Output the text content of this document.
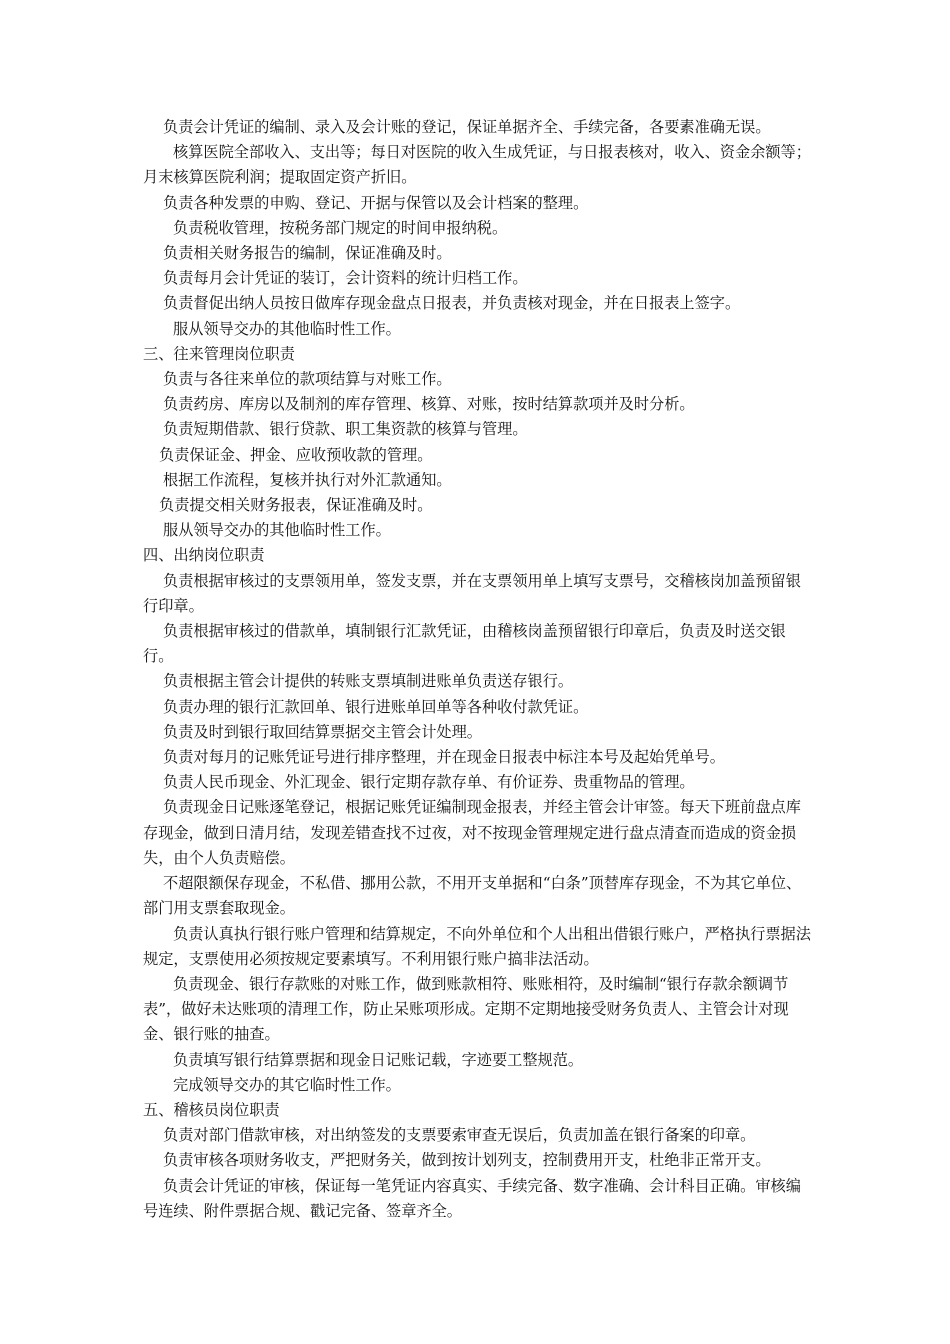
负责会计凭证的编制、录入及会计账的登记，保证单据齐全、手续完备，各要素准确无误。

核算医院全部收入、支出等；每日对医院的收入生成凭证，与日报表核对，收入、资金余额等；月末核算医院利润；提取固定资产折旧。

负责各种发票的申购、登记、开据与保管以及会计档案的整理。

负责税收管理，按税务部门规定的时间申报纳税。

负责相关财务报告的编制，保证准确及时。

负责每月会计凭证的装订，会计资料的统计归档工作。

负责督促出纳人员按日做库存现金盘点日报表，并负责核对现金，并在日报表上签字。

服从领导交办的其他临时性工作。

三、往来管理岗位职责

负责与各往来单位的款项结算与对账工作。

负责药房、库房以及制剂的库存管理、核算、对账，按时结算款项并及时分析。

负责短期借款、银行贷款、职工集资款的核算与管理。

负责保证金、押金、应收预收款的管理。

根据工作流程，复核并执行对外汇款通知。

负责提交相关财务报表，保证准确及时。

服从领导交办的其他临时性工作。

四、出纳岗位职责

负责根据审核过的支票领用单，签发支票，并在支票领用单上填写支票号，交稽核岗加盖预留银行印章。

负责根据审核过的借款单，填制银行汇款凭证，由稽核岗盖预留银行印章后，负责及时送交银行。

负责根据主管会计提供的转账支票填制进账单负责送存银行。

负责办理的银行汇款回单、银行进账单回单等各种收付款凭证。

负责及时到银行取回结算票据交主管会计处理。

负责对每月的记账凭证号进行排序整理，并在现金日报表中标注本号及起始凭单号。

负责人民币现金、外汇现金、银行定期存款存单、有价证券、贵重物品的管理。

负责现金日记账逐笔登记，根据记账凭证编制现金报表，并经主管会计审签。每天下班前盘点库存现金，做到日清月结，发现差错查找不过夜，对不按现金管理规定进行盘点清查而造成的资金损失，由个人负责赔偿。

不超限额保存现金，不私借、挪用公款，不用开支单据和“白条”顶替库存现金，不为其它单位、部门用支票套取现金。

负责认真执行银行账户管理和结算规定，不向外单位和个人出租出借银行账户，严格执行票据法规定，支票使用必须按规定要素填写。不利用银行账户搞非法活动。

负责现金、银行存款账的对账工作，做到账款相符、账账相符，及时编制“银行存款余额调节表”，做好未达账项的清理工作，防止呆账项形成。定期不定期地接受财务负责人、主管会计对现金、银行账的抽查。

负责填写银行结算票据和现金日记账记载，字迹要工整规范。

完成领导交办的其它临时性工作。

五、稽核员岗位职责

负责对部门借款审核，对出纳签发的支票要索审查无误后，负责加盖在银行备案的印章。

负责审核各项财务收支，严把财务关，做到按计划列支，控制费用开支，杜绝非正常开支。

负责会计凭证的审核，保证每一笔凭证内容真实、手续完备、数字准确、会计科目正确。审核编号连续、附件票据合规、戳记完备、签章齐全。
